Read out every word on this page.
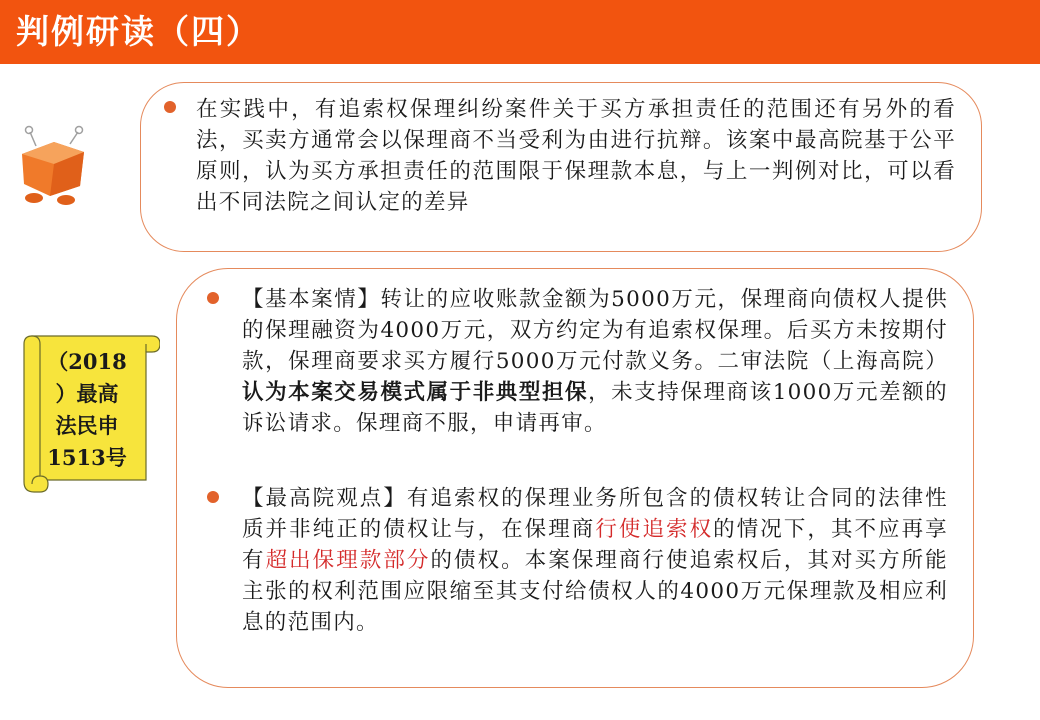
判例研读（四）
在实践中，有追索权保理纠纷案件关于买方承担责任的范围还有另外的看法，买卖方通常会以保理商不当受利为由进行抗辩。该案中最高院基于公平原则，认为买方承担责任的范围限于保理款本息，与上一判例对比，可以看出不同法院之间认定的差异
（2018
）最高
法民申
1513号
【基本案情】转让的应收账款金额为5000万元，保理商向债权人提供的保理融资为4000万元，双方约定为有追索权保理。后买方未按期付款，保理商要求买方履行5000万元付款义务。二审法院（上海高院）认为本案交易模式属于非典型担保，未支持保理商该1000万元差额的诉讼请求。保理商不服，申请再审。
【最高院观点】有追索权的保理业务所包含的债权转让合同的法律性质并非纯正的债权让与，在保理商行使追索权的情况下，其不应再享有超出保理款部分的债权。本案保理商行使追索权后，其对买方所能主张的权利范围应限缩至其支付给债权人的4000万元保理款及相应利息的范围内。
